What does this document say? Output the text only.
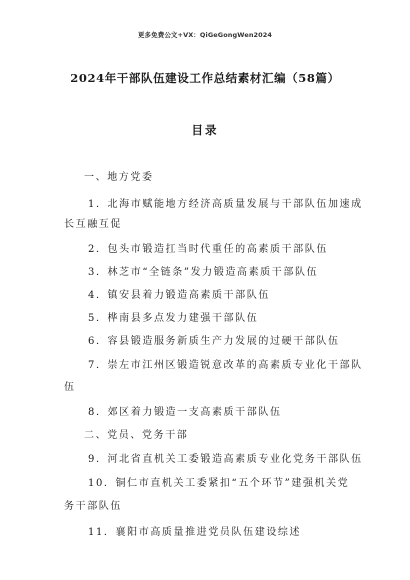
更多免费公文+VX：QiGeGongWen2024
2024年干部队伍建设工作总结素材汇编（58篇）
目录
一、地方党委
1．北海市赋能地方经济高质量发展与干部队伍加速成
长互融互促
2．包头市锻造扛当时代重任的高素质干部队伍
3．林芝市“全链条”发力锻造高素质干部队伍
4．镇安县着力锻造高素质干部队伍
5．桦南县多点发力建强干部队伍
6．容县锻造服务新质生产力发展的过硬干部队伍
7．崇左市江州区锻造锐意改革的高素质专业化干部队
伍
8．郊区着力锻造一支高素质干部队伍
二、党员、党务干部
9．河北省直机关工委锻造高素质专业化党务干部队伍
10．铜仁市直机关工委紧扣“五个环节”建强机关党
务干部队伍
11．襄阳市高质量推进党员队伍建设综述
